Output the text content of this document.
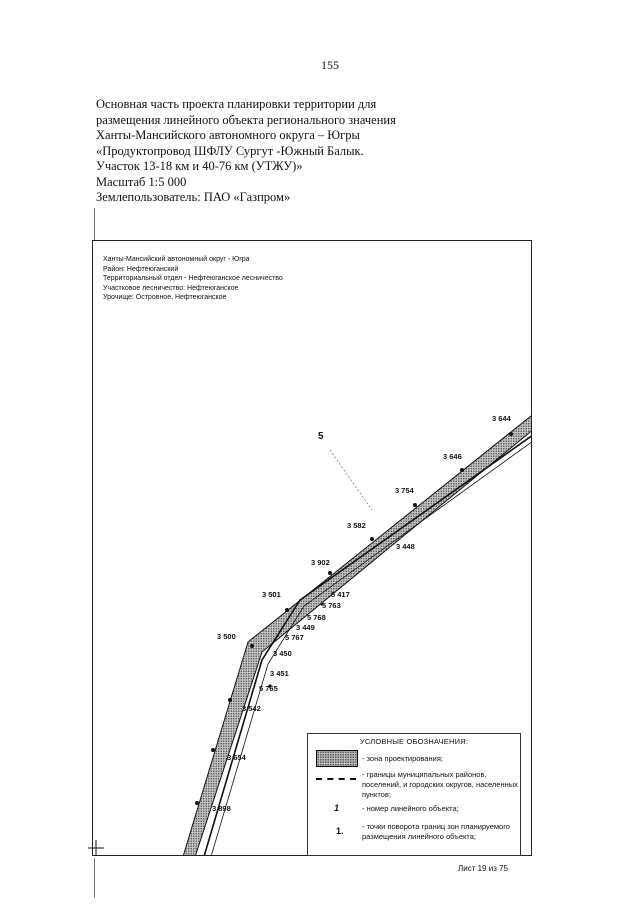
155
Основная часть проекта планировки территории для
размещения линейного объекта регионального значения
Ханты-Мансийского автономного округа – Югры
«Продуктопровод ШФЛУ Сургут -Южный Балык.
Участок 13-18 км и 40-76 км (УТЖУ)»
Масштаб 1:5 000
Землепользователь: ПАО «Газпром»
5
3 644
3 646
3 754
3 582
3 902
3 501
3 500
3 542
3 654
3 898
3 448
5 417
5 763
5 768
3 449
5 767
3 450
3 451
5 765
Ханты-Мансийский автономный округ - Югра
Район: Нефтеюганский
Территориальный отдел - Нефтеюганское лесничество
Участковое лесничество: Нефтеюганское
Урочище: Островное, Нефтеюганское
УСЛОВНЫЕ ОБОЗНАЧЕНИЯ:
- зона проектирования;
- границы муниципальных районов, поселений, и городских округов, населенных пунктов;
1	- номер линейного объекта;
1. - точки поворота границ зон планируемого размещения линейного объекта;
Лист 19 из 75
